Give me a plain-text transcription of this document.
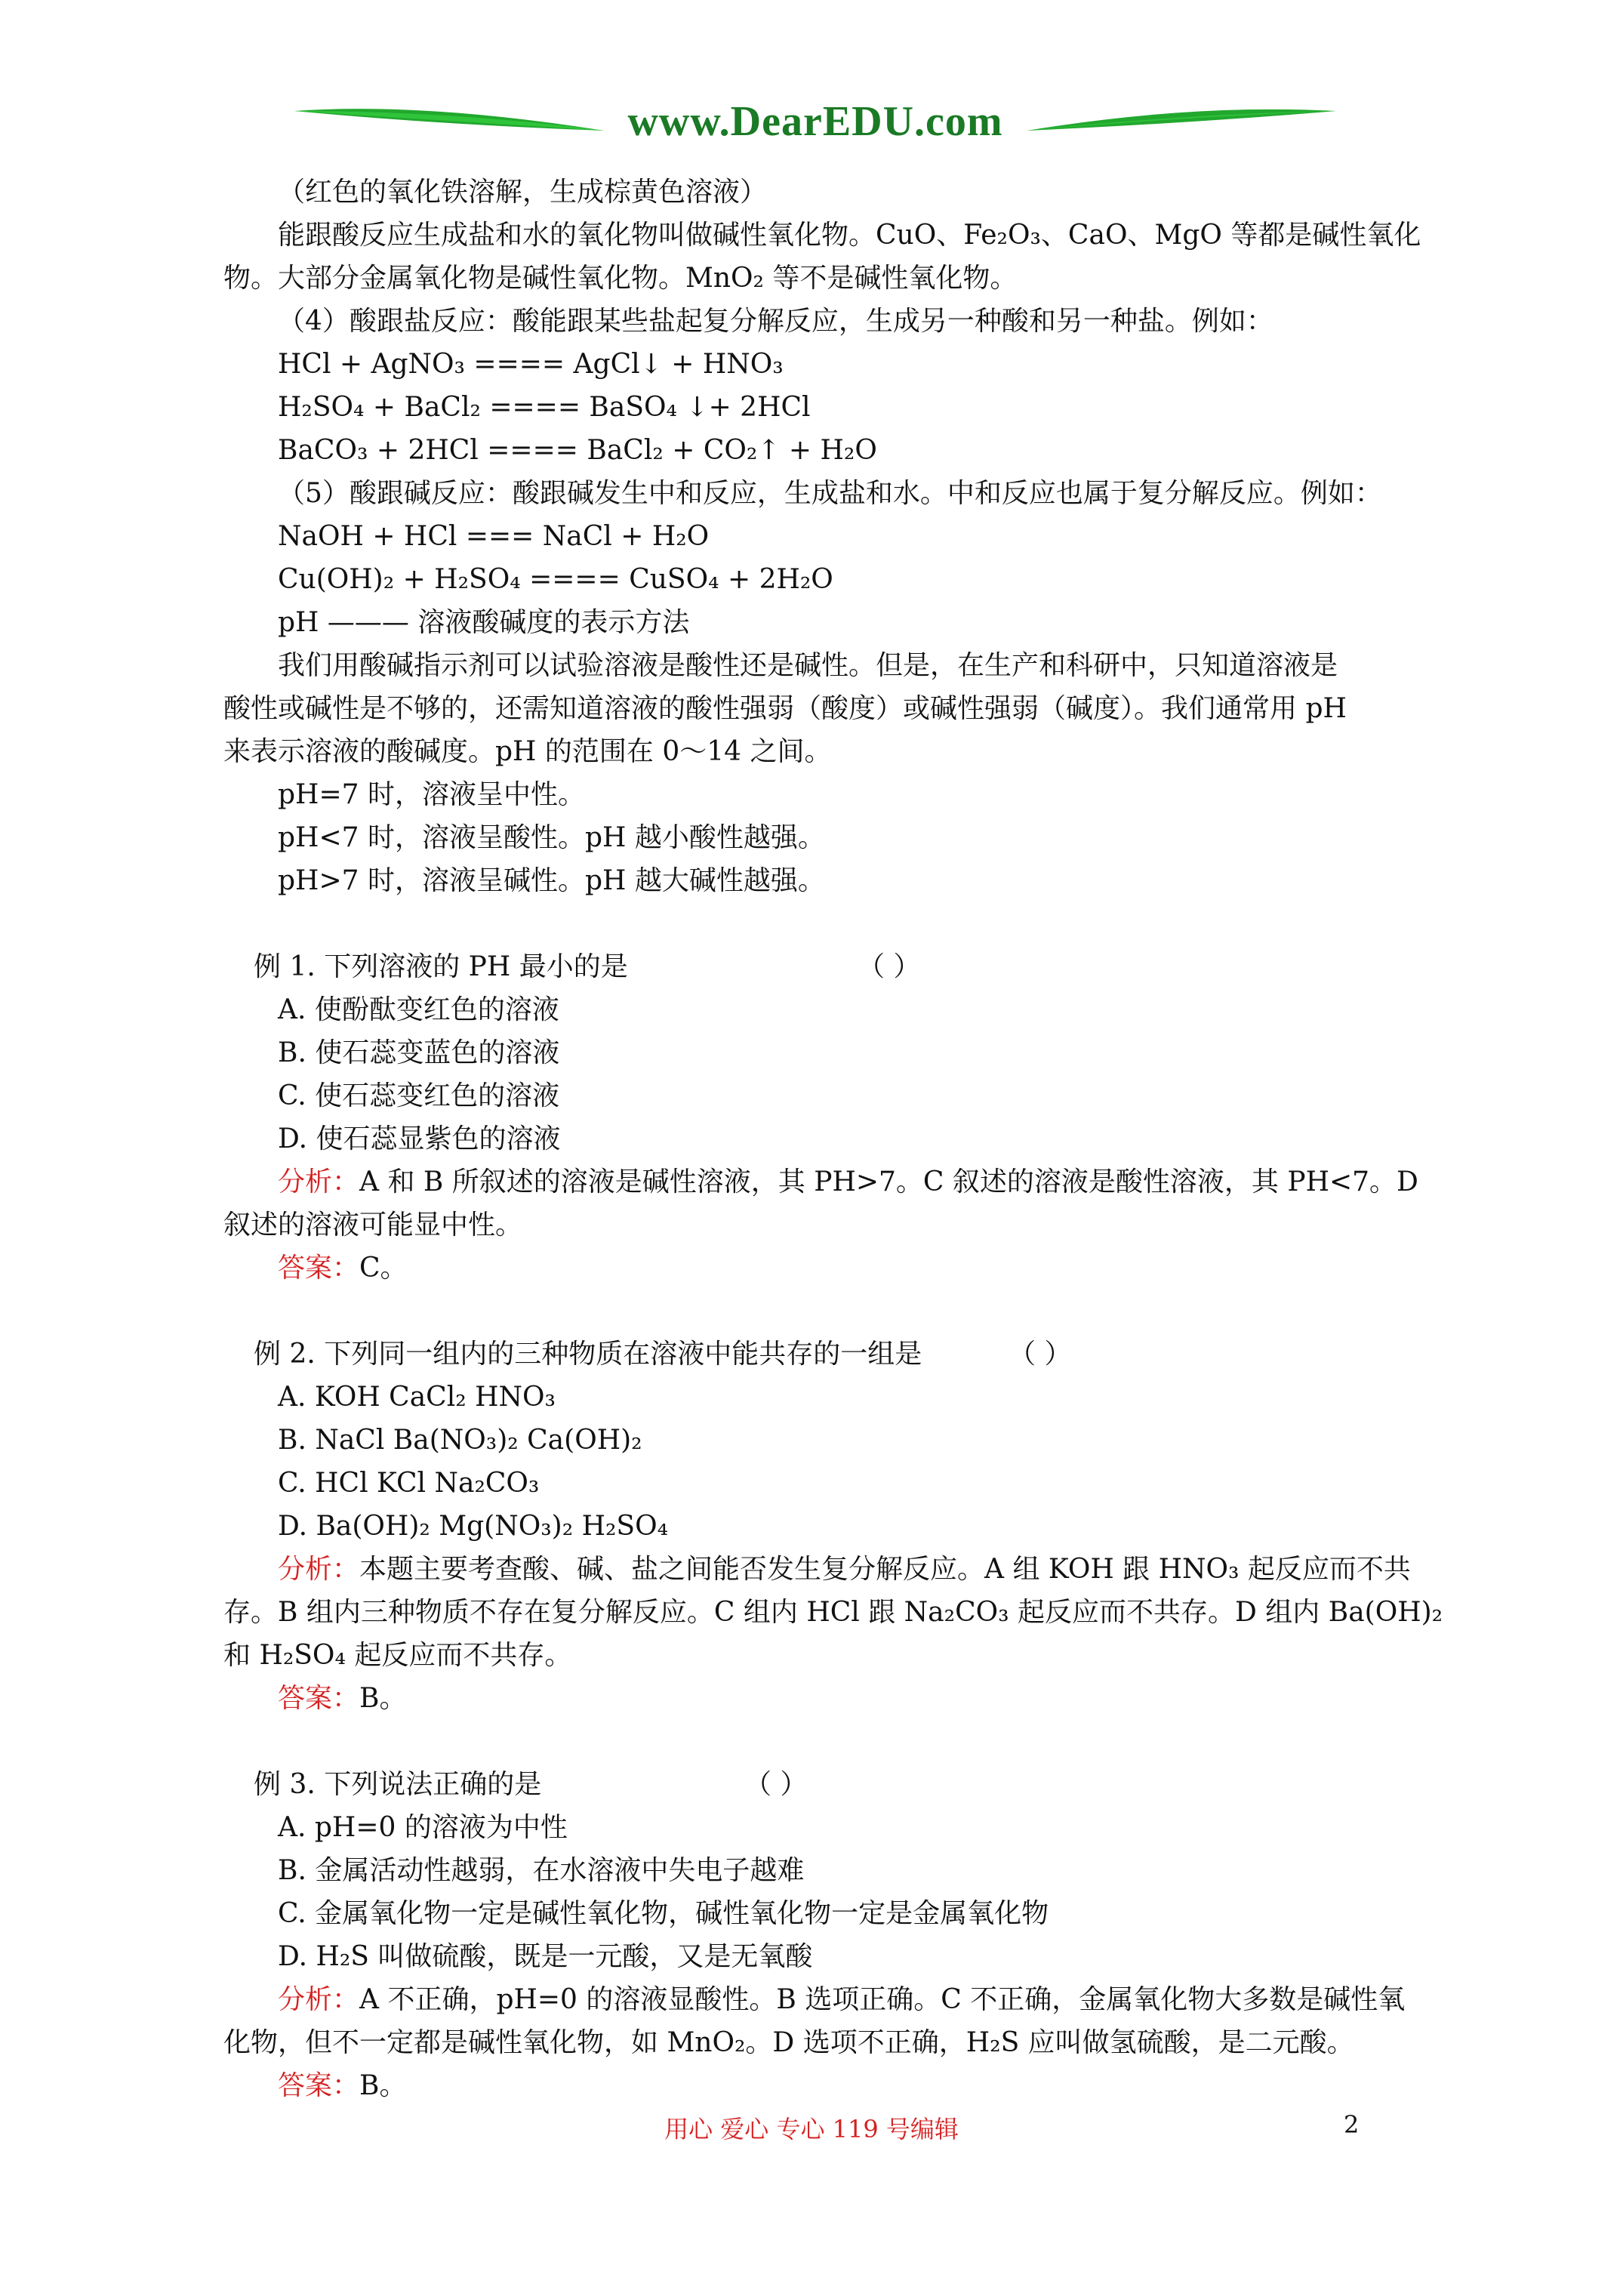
www.DearEDU.com
（红色的氧化铁溶解，生成棕黄色溶液）
能跟酸反应生成盐和水的氧化物叫做碱性氧化物。CuO、Fe₂O₃、CaO、MgO 等都是碱性氧化
物。大部分金属氧化物是碱性氧化物。MnO₂ 等不是碱性氧化物。
（4）酸跟盐反应：酸能跟某些盐起复分解反应，生成另一种酸和另一种盐。例如：
HCl + AgNO₃ ==== AgCl↓ + HNO₃
H₂SO₄ + BaCl₂ ==== BaSO₄ ↓+ 2HCl
BaCO₃ + 2HCl ==== BaCl₂ + CO₂↑ + H₂O
（5）酸跟碱反应：酸跟碱发生中和反应，生成盐和水。中和反应也属于复分解反应。例如：
NaOH + HCl === NaCl + H₂O
Cu(OH)₂ + H₂SO₄ ==== CuSO₄ + 2H₂O
pH ——— 溶液酸碱度的表示方法
我们用酸碱指示剂可以试验溶液是酸性还是碱性。但是，在生产和科研中，只知道溶液是
酸性或碱性是不够的，还需知道溶液的酸性强弱（酸度）或碱性强弱（碱度）。我们通常用 pH
来表示溶液的酸碱度。pH 的范围在 0～14 之间。
pH=7 时，溶液呈中性。
pH<7 时，溶液呈酸性。pH 越小酸性越强。
pH>7 时，溶液呈碱性。pH 越大碱性越强。
例 1. 下列溶液的 PH 最小的是	（ ）
A. 使酚酞变红色的溶液
B. 使石蕊变蓝色的溶液
C. 使石蕊变红色的溶液
D. 使石蕊显紫色的溶液
分析：A 和 B 所叙述的溶液是碱性溶液，其 PH>7。C 叙述的溶液是酸性溶液，其 PH<7。D
叙述的溶液可能显中性。
答案：C。
例 2. 下列同一组内的三种物质在溶液中能共存的一组是	（ ）
A. KOH CaCl₂ HNO₃
B. NaCl Ba(NO₃)₂ Ca(OH)₂
C. HCl KCl Na₂CO₃
D. Ba(OH)₂ Mg(NO₃)₂ H₂SO₄
分析：本题主要考查酸、碱、盐之间能否发生复分解反应。A 组 KOH 跟 HNO₃ 起反应而不共
存。B 组内三种物质不存在复分解反应。C 组内 HCl 跟 Na₂CO₃ 起反应而不共存。D 组内 Ba(OH)₂
和 H₂SO₄ 起反应而不共存。
答案：B。
例 3. 下列说法正确的是	（ ）
A. pH=0 的溶液为中性
B. 金属活动性越弱，在水溶液中失电子越难
C. 金属氧化物一定是碱性氧化物，碱性氧化物一定是金属氧化物
D. H₂S 叫做硫酸，既是一元酸，又是无氧酸
分析：A 不正确，pH=0 的溶液显酸性。B 选项正确。C 不正确，金属氧化物大多数是碱性氧
化物，但不一定都是碱性氧化物，如 MnO₂。D 选项不正确，H₂S 应叫做氢硫酸，是二元酸。
答案：B。
用心 爱心 专心 119 号编辑	2
